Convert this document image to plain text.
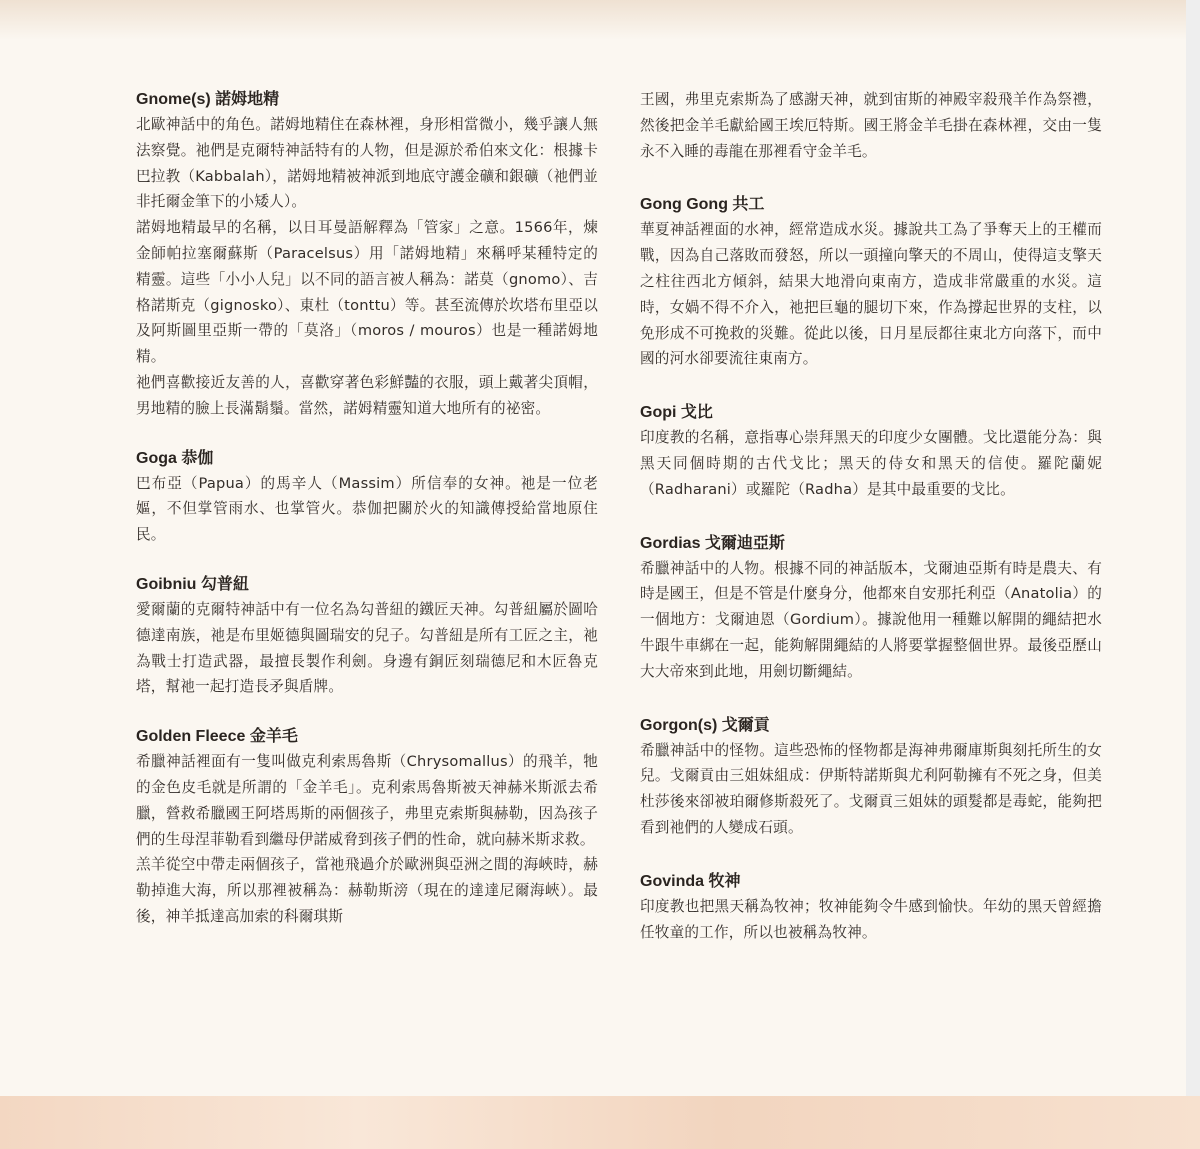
Gnome(s) 諾姆地精

北歐神話中的角色。諾姆地精住在森林裡，身形相當微小，幾乎讓人無法察覺。祂們是克爾特神話特有的人物，但是源於希伯來文化：根據卡巴拉教（Kabbalah），諾姆地精被神派到地底守護金礦和銀礦（祂們並非托爾金筆下的小矮人）。

諾姆地精最早的名稱，以日耳曼語解釋為「管家」之意。1566年，煉金師帕拉塞爾蘇斯（Paracelsus）用「諾姆地精」來稱呼某種特定的精靈。這些「小小人兒」以不同的語言被人稱為：諾莫（gnomo）、吉格諾斯克（gignosko）、東杜（tonttu）等。甚至流傳於坎塔布里亞以及阿斯圖里亞斯一帶的「莫洛」（moros / mouros）也是一種諾姆地精。

祂們喜歡接近友善的人，喜歡穿著色彩鮮豔的衣服，頭上戴著尖頂帽，男地精的臉上長滿鬍鬚。當然，諾姆精靈知道大地所有的祕密。

Goga 恭伽

巴布亞（Papua）的馬辛人（Massim）所信奉的女神。祂是一位老嫗，不但掌管雨水、也掌管火。恭伽把關於火的知識傳授給當地原住民。

Goibniu 勾普紐

愛爾蘭的克爾特神話中有一位名為勾普紐的鐵匠天神。勾普紐屬於圖哈德達南族，祂是布里姬德與圖瑞安的兒子。勾普紐是所有工匠之主，祂為戰士打造武器，最擅長製作利劍。身邊有銅匠刻瑞德尼和木匠魯克塔，幫祂一起打造長矛與盾牌。

Golden Fleece 金羊毛

希臘神話裡面有一隻叫做克利索馬魯斯（Chrysomallus）的飛羊，牠的金色皮毛就是所謂的「金羊毛」。克利索馬魯斯被天神赫米斯派去希臘，營救希臘國王阿塔馬斯的兩個孩子，弗里克索斯與赫勒，因為孩子們的生母涅菲勒看到繼母伊諾威脅到孩子們的性命，就向赫米斯求救。

羔羊從空中帶走兩個孩子，當祂飛過介於歐洲與亞洲之間的海峽時，赫勒掉進大海，所以那裡被稱為：赫勒斯滂（現在的達達尼爾海峽）。最後，神羊抵達高加索的科爾琪斯

王國，弗里克索斯為了感謝天神，就到宙斯的神殿宰殺飛羊作為祭禮，然後把金羊毛獻給國王埃厄特斯。國王將金羊毛掛在森林裡，交由一隻永不入睡的毒龍在那裡看守金羊毛。

Gong Gong 共工

華夏神話裡面的水神，經常造成水災。據說共工為了爭奪天上的王權而戰，因為自己落敗而發怒，所以一頭撞向擎天的不周山，使得這支擎天之柱往西北方傾斜，結果大地滑向東南方，造成非常嚴重的水災。這時，女媧不得不介入，祂把巨龜的腿切下來，作為撐起世界的支柱，以免形成不可挽救的災難。從此以後，日月星辰都往東北方向落下，而中國的河水卻要流往東南方。

Gopi 戈比

印度教的名稱，意指專心崇拜黑天的印度少女團體。戈比還能分為：與黑天同個時期的古代戈比；黑天的侍女和黑天的信使。羅陀蘭妮（Radharani）或羅陀（Radha）是其中最重要的戈比。

Gordias 戈爾迪亞斯

希臘神話中的人物。根據不同的神話版本，戈爾迪亞斯有時是農夫、有時是國王，但是不管是什麼身分，他都來自安那托利亞（Anatolia）的一個地方：戈爾迪恩（Gordium）。據說他用一種難以解開的繩結把水牛跟牛車綁在一起，能夠解開繩結的人將要掌握整個世界。最後亞歷山大大帝來到此地，用劍切斷繩結。

Gorgon(s) 戈爾貢

希臘神話中的怪物。這些恐怖的怪物都是海神弗爾庫斯與刻托所生的女兒。戈爾貢由三姐妹組成：伊斯特諾斯與尤利阿勒擁有不死之身，但美杜莎後來卻被珀爾修斯殺死了。戈爾貢三姐妹的頭髮都是毒蛇，能夠把看到祂們的人變成石頭。

Govinda 牧神

印度教也把黑天稱為牧神；牧神能夠令牛感到愉快。年幼的黑天曾經擔任牧童的工作，所以也被稱為牧神。
